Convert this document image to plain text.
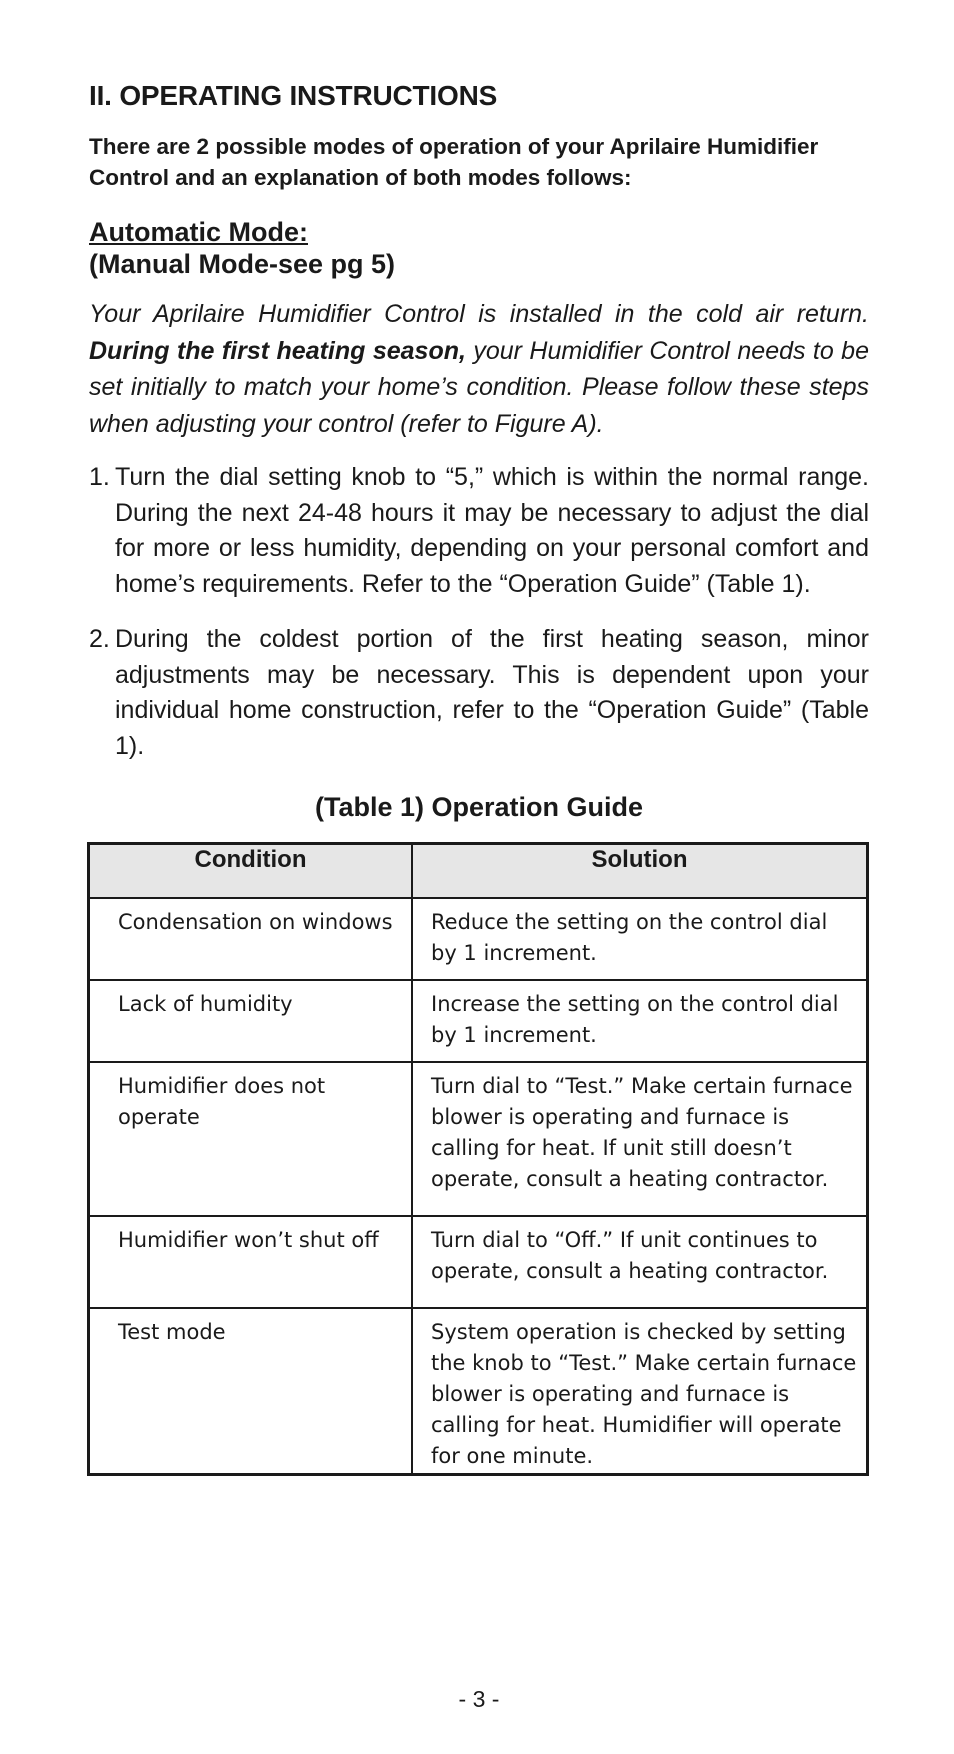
II. OPERATING INSTRUCTIONS

There are 2 possible modes of operation of your Aprilaire Humidifier Control and an explanation of both modes follows:

Automatic Mode:
(Manual Mode-see pg 5)

Your Aprilaire Humidifier Control is installed in the cold air return. During the first heating season, your Humidifier Control needs to be set initially to match your home’s condition. Please follow these steps when adjusting your control (refer to Figure A).

1. Turn the dial setting knob to “5,” which is within the normal range. During the next 24-48 hours it may be necessary to adjust the dial for more or less humidity, depending on your personal comfort and home’s requirements. Refer to the “Operation Guide” (Table 1).
2. During the coldest portion of the first heating season, minor adjustments may be necessary. This is dependent upon your individual home construction, refer to the “Operation Guide” (Table 1).
(Table 1) Operation Guide
Condition	Solution
Condensation on windows	Reduce the setting on the control dial by 1 increment.
Lack of humidity	Increase the setting on the control dial by 1 increment.
Humidifier does not operate	Turn dial to “Test.” Make certain furnace blower is operating and furnace is calling for heat. If unit still doesn’t operate, consult a heating contractor.
Humidifier won’t shut off	Turn dial to “Off.” If unit continues to operate, consult a heating contractor.
Test mode	System operation is checked by setting the knob to “Test.” Make certain furnace blower is operating and furnace is calling for heat. Humidifier will operate for one minute.
- 3 -
